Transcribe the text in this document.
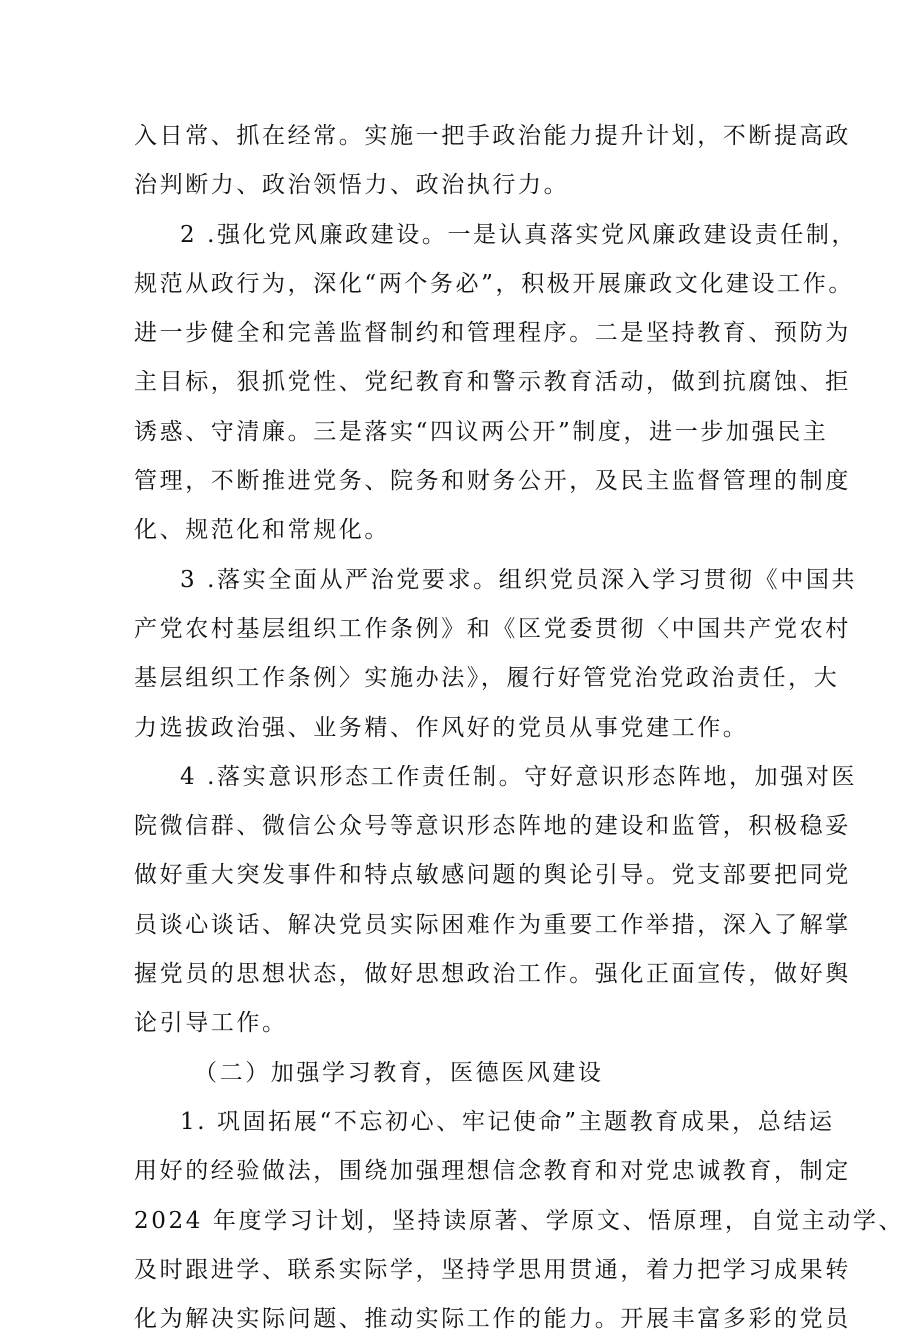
入日常、抓在经常。实施一把手政治能力提升计划，不断提高政
治判断力、政治领悟力、政治执行力。
2 .强化党风廉政建设。一是认真落实党风廉政建设责任制，
规范从政行为，深化“两个务必”，积极开展廉政文化建设工作。
进一步健全和完善监督制约和管理程序。二是坚持教育、预防为
主目标，狠抓党性、党纪教育和警示教育活动，做到抗腐蚀、拒
诱惑、守清廉。三是落实“四议两公开”制度，进一步加强民主
管理，不断推进党务、院务和财务公开，及民主监督管理的制度
化、规范化和常规化。
3 .落实全面从严治党要求。组织党员深入学习贯彻《中国共
产党农村基层组织工作条例》和《区党委贯彻〈中国共产党农村
基层组织工作条例〉实施办法》，履行好管党治党政治责任，大
力选拔政治强、业务精、作风好的党员从事党建工作。
4 .落实意识形态工作责任制。守好意识形态阵地，加强对医
院微信群、微信公众号等意识形态阵地的建设和监管，积极稳妥
做好重大突发事件和特点敏感问题的舆论引导。党支部要把同党
员谈心谈话、解决党员实际困难作为重要工作举措，深入了解掌
握党员的思想状态，做好思想政治工作。强化正面宣传，做好舆
论引导工作。
（二）加强学习教育，医德医风建设
1. 巩固拓展“不忘初心、牢记使命”主题教育成果，总结运
用好的经验做法，围绕加强理想信念教育和对党忠诚教育，制定
2024 年度学习计划，坚持读原著、学原文、悟原理，自觉主动学、
及时跟进学、联系实际学，坚持学思用贯通，着力把学习成果转
化为解决实际问题、推动实际工作的能力。开展丰富多彩的党员
